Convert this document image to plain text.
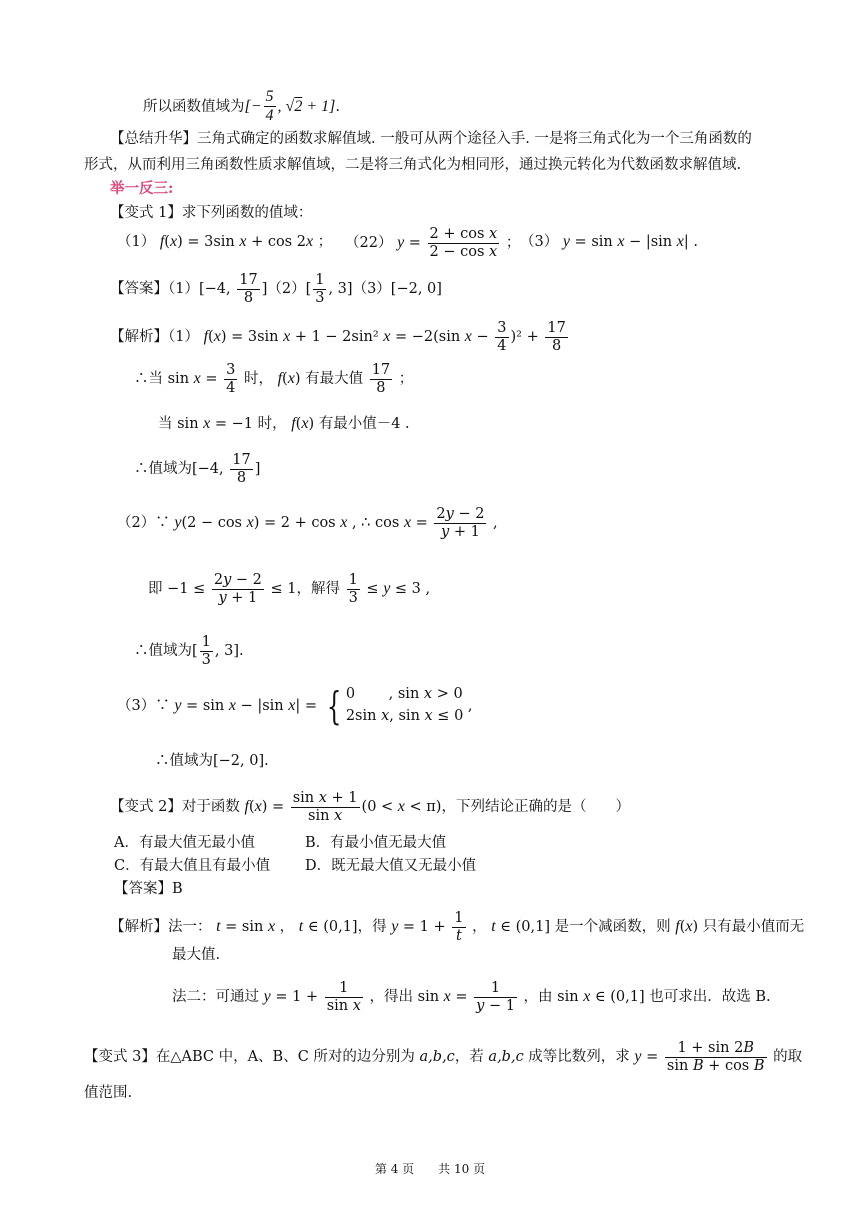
所以函数值域为[− $\frac{5}{4}$ , √2 + 1].
【总结升华】三角式确定的函数求解值域. 一般可从两个途径入手. 一是将三角式化为一个三角函数的
形式，从而利用三角函数性质求解值域，二是将三角式化为相同形，通过换元转化为代数函数求解值域.
举一反三:
【变式 1】求下列函数的值域：
（1） f(x) = 3sin x + cos 2x ； （22） $y = \frac{\text{2 + cos x}}{\text{2 − cos x}}$ ； （3） y = sin x − |sin x| .
【答案】（1）[−4, $\frac{17}{8} ](2)[ \frac{1}{3}$ , 3]（3）[−2, 0]
【解析】（1） f(x) = 3sin x + 1 − 2sin² x = −2(sin $x - \frac{3}{4} )^2 + \frac{17}{8}$
∴当 $\sin x = \frac{3}{4}$ 时， f(x) 有最大值 $\frac{17}{8}$ ；
当 sin x = −1 时， f(x) 有最小值－4 .
∴值域为[−4, $\frac{17}{8}$ ]
（2）∵ y(2 − cos x) = 2 + cos x , ∴ $\cos x = \frac{2y - 2}{y + 1}$ ,
即 $-1 \le \frac{2y - 2}{y + 1} \le 1$，解得 $\frac{1}{3} \le y \le 3$ ,
∴值域为[ $\frac{1}{3}$ , 3].
（3）∵ y = sin x − |sin x| = { 0　　 , sin x > 0
2sin x, sin x ≤ 0
,
∴值域为[−2, 0].
【变式 2】对于函数 $f(x) = \frac{\text{sin x + 1}}{\text{sin x}} (0 < x < \pi)$，下列结论正确的是（　　）
A．有最大值无最小值	B．有最小值无最大值
C．有最大值且有最小值 D．既无最大值又无最小值
【答案】B
【解析】法一： t = sin x ， t ∈ (0,1]，得 $y = 1 + \frac{1}{t}$ ， t ∈ (0,1] 是一个减函数，则 f(x) 只有最小值而无
最大值.
法二：可通过 $y = 1 + \frac{1}{\text{sin x}}$ ，得出 $\sin x = \frac{1}{y - 1}$ ，由 sin x ∈ (0,1] 也可求出．故选 B.
【变式 3】在△ABC 中，A、B、C 所对的边分别为 a,b,c，若 a,b,c 成等比数列，求 $y = \frac{1 + \sin 2B}{\text{sin B + cos B}}$ 的取
值范围.
第 4 页　　共 10 页
